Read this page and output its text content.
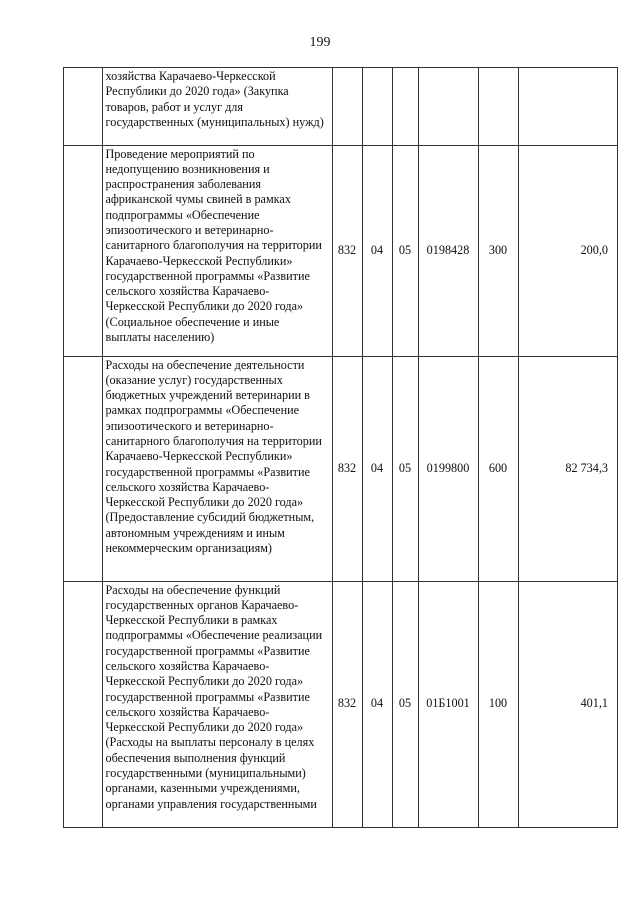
199
	хозяйства Карачаево-Черкесской Республики до 2020 года» (Закупка товаров, работ и услуг для государственных (муниципальных) нужд)						
	Проведение мероприятий по недопущению возникновения и распространения заболевания африканской чумы свиней в рамках подпрограммы «Обеспечение эпизоотического и ветеринарно-санитарного благополучия на территории Карачаево-Черкесской Республики» государственной программы «Развитие сельского хозяйства Карачаево-Черкесской Республики до 2020 года» (Социальное обеспечение и иные выплаты населению)	832	04	05	0198428	300	200,0
	Расходы на обеспечение деятельности (оказание услуг) государственных бюджетных учреждений ветеринарии в рамках подпрограммы «Обеспечение эпизоотического и ветеринарно-санитарного благополучия на территории Карачаево-Черкесской Республики» государственной программы «Развитие сельского хозяйства Карачаево-Черкесской Республики до 2020 года» (Предоставление субсидий бюджетным, автономным учреждениям и иным некоммерческим организациям)	832	04	05	0199800	600	82 734,3
	Расходы на обеспечение функций государственных органов Карачаево-Черкесской Республики в рамках подпрограммы «Обеспечение реализации государственной программы «Развитие сельского хозяйства Карачаево-Черкесской Республики до 2020 года» государственной программы «Развитие сельского хозяйства Карачаево-Черкесской Республики до 2020 года» (Расходы на выплаты персоналу в целях обеспечения выполнения функций государственными (муниципальными) органами, казенными учреждениями, органами управления государственными	832	04	05	01Б1001	100	401,1
